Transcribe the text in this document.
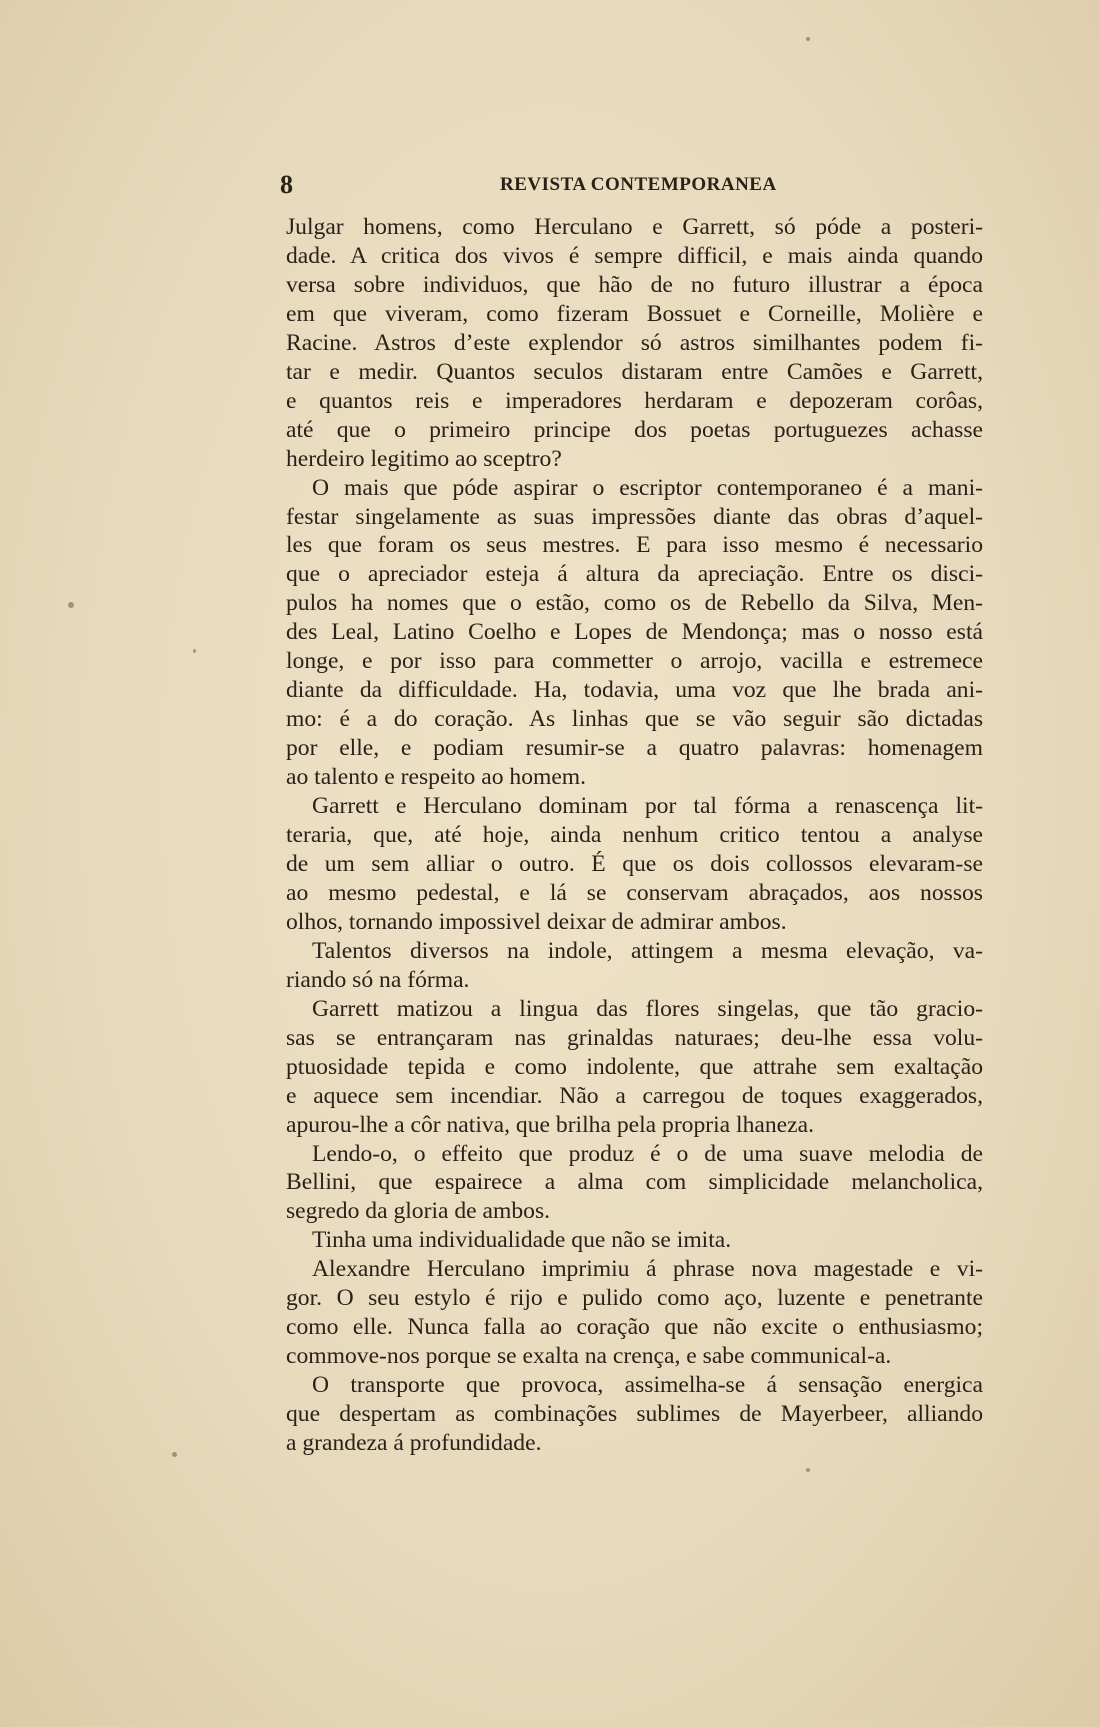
8	REVISTA CONTEMPORANEA
Julgar homens, como Herculano e Garrett, só póde a posteri-
dade. A critica dos vivos é sempre difficil, e mais ainda quando
versa sobre individuos, que hão de no futuro illustrar a época
em que viveram, como fizeram Bossuet e Corneille, Molière e
Racine. Astros d’este explendor só astros similhantes podem fi-
tar e medir. Quantos seculos distaram entre Camões e Garrett,
e quantos reis e imperadores herdaram e depozeram corôas,
até que o primeiro principe dos poetas portuguezes achasse
herdeiro legitimo ao sceptro?
O mais que póde aspirar o escriptor contemporaneo é a mani-
festar singelamente as suas impressões diante das obras d’aquel-
les que foram os seus mestres. E para isso mesmo é necessario
que o apreciador esteja á altura da apreciação. Entre os disci-
pulos ha nomes que o estão, como os de Rebello da Silva, Men-
des Leal, Latino Coelho e Lopes de Mendonça; mas o nosso está
longe, e por isso para commetter o arrojo, vacilla e estremece
diante da difficuldade. Ha, todavia, uma voz que lhe brada ani-
mo: é a do coração. As linhas que se vão seguir são dictadas
por elle, e podiam resumir-se a quatro palavras: homenagem
ao talento e respeito ao homem.
Garrett e Herculano dominam por tal fórma a renascença lit-
teraria, que, até hoje, ainda nenhum critico tentou a analyse
de um sem alliar o outro. É que os dois collossos elevaram-se
ao mesmo pedestal, e lá se conservam abraçados, aos nossos
olhos, tornando impossivel deixar de admirar ambos.
Talentos diversos na indole, attingem a mesma elevação, va-
riando só na fórma.
Garrett matizou a lingua das flores singelas, que tão gracio-
sas se entrançaram nas grinaldas naturaes; deu-lhe essa volu-
ptuosidade tepida e como indolente, que attrahe sem exaltação
e aquece sem incendiar. Não a carregou de toques exaggerados,
apurou-lhe a côr nativa, que brilha pela propria lhaneza.
Lendo-o, o effeito que produz é o de uma suave melodia de
Bellini, que espairece a alma com simplicidade melancholica,
segredo da gloria de ambos.
Tinha uma individualidade que não se imita.
Alexandre Herculano imprimiu á phrase nova magestade e vi-
gor. O seu estylo é rijo e pulido como aço, luzente e penetrante
como elle. Nunca falla ao coração que não excite o enthusiasmo;
commove-nos porque se exalta na crença, e sabe communical-a.
O transporte que provoca, assimelha-se á sensação energica
que despertam as combinações sublimes de Mayerbeer, alliando
a grandeza á profundidade.
